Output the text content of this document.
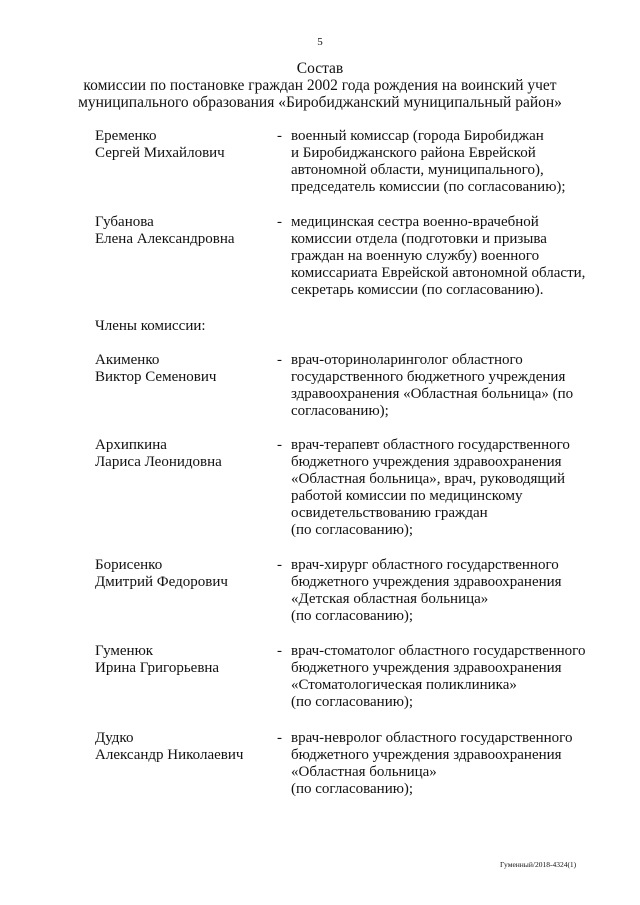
5
Состав
комиссии по постановке граждан 2002 года рождения на воинский учет
муниципального образования «Биробиджанский муниципальный район»
Еременко
Сергей Михайлович
- военный комиссар (города Биробиджан
и Биробиджанского района Еврейской
автономной области, муниципального),
председатель комиссии (по согласованию);
Губанова
Елена Александровна
- медицинская сестра военно-врачебной
комиссии отдела (подготовки и призыва
граждан на военную службу) военного
комиссариата Еврейской автономной области,
секретарь комиссии (по согласованию).
Члены комиссии:
Акименко
Виктор Семенович
- врач-оториноларинголог областного
государственного бюджетного учреждения
здравоохранения «Областная больница» (по
согласованию);
Архипкина
Лариса Леонидовна
- врач-терапевт областного государственного
бюджетного учреждения здравоохранения
«Областная больница», врач, руководящий
работой комиссии по медицинскому
освидетельствованию граждан
(по согласованию);
Борисенко
Дмитрий Федорович
- врач-хирург областного государственного
бюджетного учреждения здравоохранения
«Детская областная больница»
(по согласованию);
Гуменюк
Ирина Григорьевна
- врач-стоматолог областного государственного
бюджетного учреждения здравоохранения
«Стоматологическая поликлиника»
(по согласованию);
Дудко
Александр Николаевич
- врач-невролог областного государственного
бюджетного учреждения здравоохранения
«Областная больница»
(по согласованию);
Гуменный/2018-4324(1)
